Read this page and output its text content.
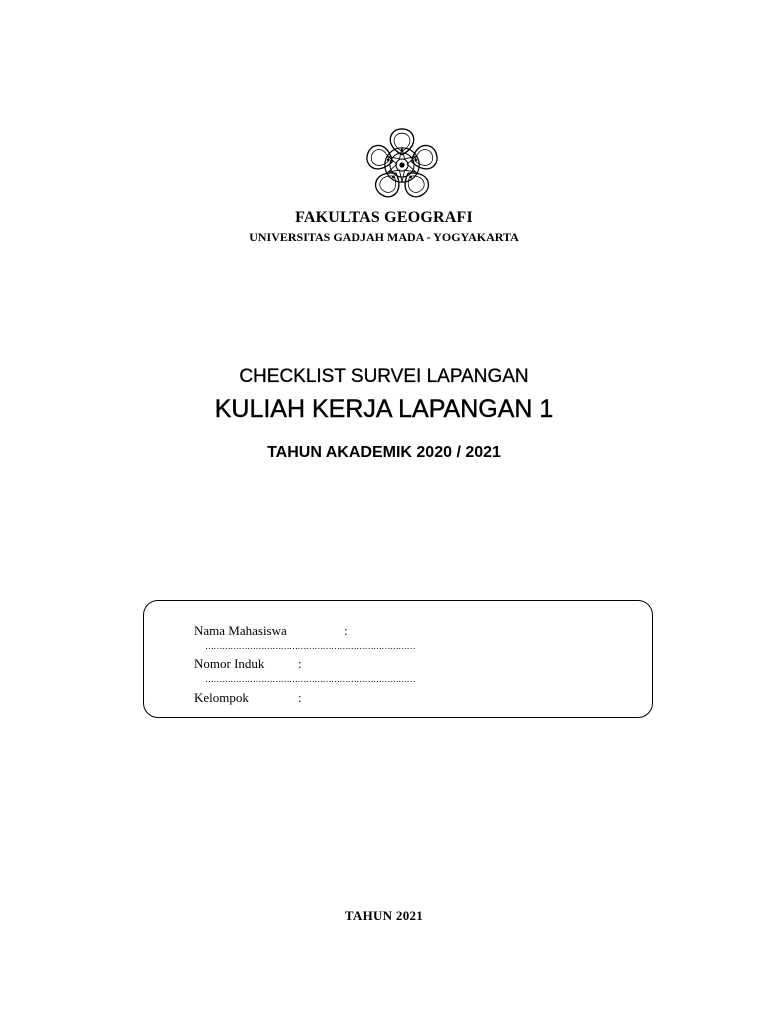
FAKULTAS GEOGRAFI
UNIVERSITAS GADJAH MADA - YOGYAKARTA
CHECKLIST SURVEI LAPANGAN
KULIAH KERJA LAPANGAN 1
TAHUN AKADEMIK 2020 / 2021
Nama Mahasiswa	:
…………………………………………………………………
Nomor Induk	:
…………………………………………………………………
Kelompok	:
TAHUN 2021
